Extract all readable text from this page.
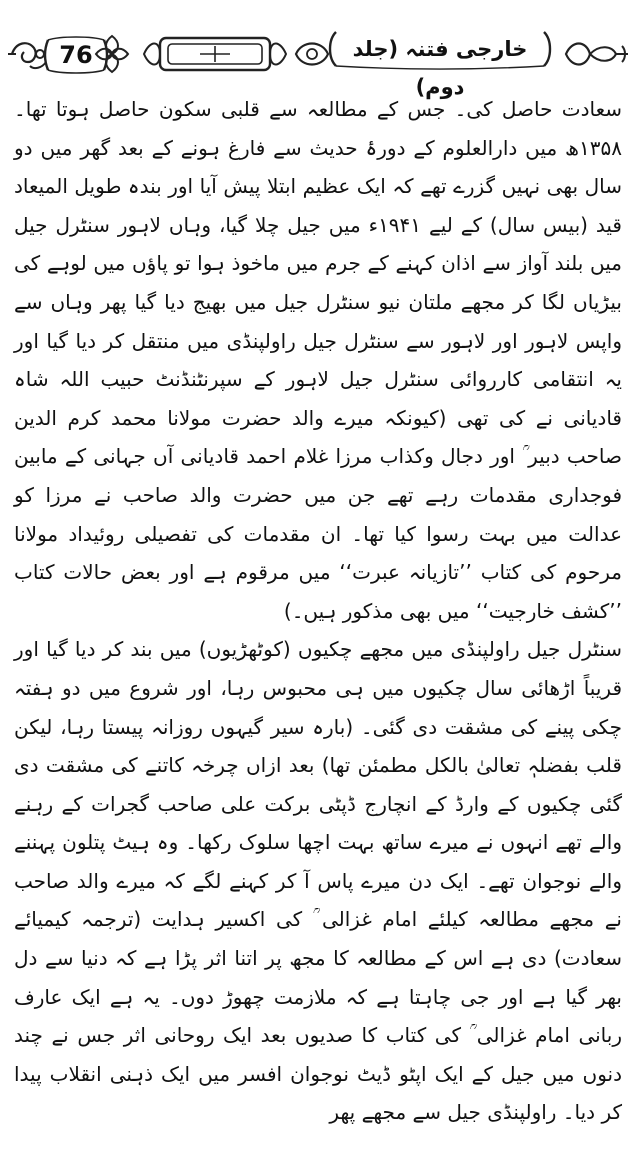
76	خارجی فتنہ (جلد دوم)

سعادت حاصل کی۔ جس کے مطالعہ سے قلبی سکون حاصل ہوتا تھا۔ ۱۳۵۸ھ میں دارالعلوم کے دورۂ حدیث سے فارغ ہونے کے بعد گھر میں دو سال بھی نہیں گزرے تھے کہ ایک عظیم ابتلا پیش آیا اور بندہ طویل المیعاد قید (بیس سال) کے لیے ۱۹۴۱ء میں جیل چلا گیا، وہاں لاہور سنٹرل جیل میں بلند آواز سے اذان کہنے کے جرم میں ماخوذ ہوا تو پاؤں میں لوہے کی بیڑیاں لگا کر مجھے ملتان نیو سنٹرل جیل میں بھیج دیا گیا پھر وہاں سے واپس لاہور اور لاہور سے سنٹرل جیل راولپنڈی میں منتقل کر دیا گیا اور یہ انتقامی کارروائی سنٹرل جیل لاہور کے سپرنٹنڈنٹ حبیب اللہ شاہ قادیانی نے کی تھی (کیونکہ میرے والد حضرت مولانا محمد کرم الدین صاحب دبیر ؒ اور دجال وکذاب مرزا غلام احمد قادیانی آں جہانی کے مابین فوجداری مقدمات رہے تھے جن میں حضرت والد صاحب نے مرزا کو عدالت میں بہت رسوا کیا تھا۔ ان مقدمات کی تفصیلی روئیداد مولانا مرحوم کی کتاب ’’تازیانہ عبرت‘‘ میں مرقوم ہے اور بعض حالات کتاب ’’کشف خارجیت‘‘ میں بھی مذکور ہیں۔)

سنٹرل جیل راولپنڈی میں مجھے چکیوں (کوٹھڑیوں) میں بند کر دیا گیا اور قریباً اڑھائی سال چکیوں میں ہی محبوس رہا، اور شروع میں دو ہفتہ چکی پینے کی مشقت دی گئی۔ (بارہ سیر گیہوں روزانہ پیستا رہا، لیکن قلب بفضلہٖ تعالیٰ بالکل مطمئن تھا) بعد ازاں چرخہ کاتنے کی مشقت دی گئی چکیوں کے وارڈ کے انچارج ڈپٹی برکت علی صاحب گجرات کے رہنے والے تھے انہوں نے میرے ساتھ بہت اچھا سلوک رکھا۔ وہ ہیٹ پتلون پہننے والے نوجوان تھے۔ ایک دن میرے پاس آ کر کہنے لگے کہ میرے والد صاحب نے مجھے مطالعہ کیلئے امام غزالی ؒ کی اکسیر ہدایت (ترجمہ کیمیائے سعادت) دی ہے اس کے مطالعہ کا مجھ پر اتنا اثر پڑا ہے کہ دنیا سے دل بھر گیا ہے اور جی چاہتا ہے کہ ملازمت چھوڑ دوں۔ یہ ہے ایک عارف ربانی امام غزالی ؒ کی کتاب کا صدیوں بعد ایک روحانی اثر جس نے چند دنوں میں جیل کے ایک اپٹو ڈیٹ نوجوان افسر میں ایک ذہنی انقلاب پیدا کر دیا۔ راولپنڈی جیل سے مجھے پھر
